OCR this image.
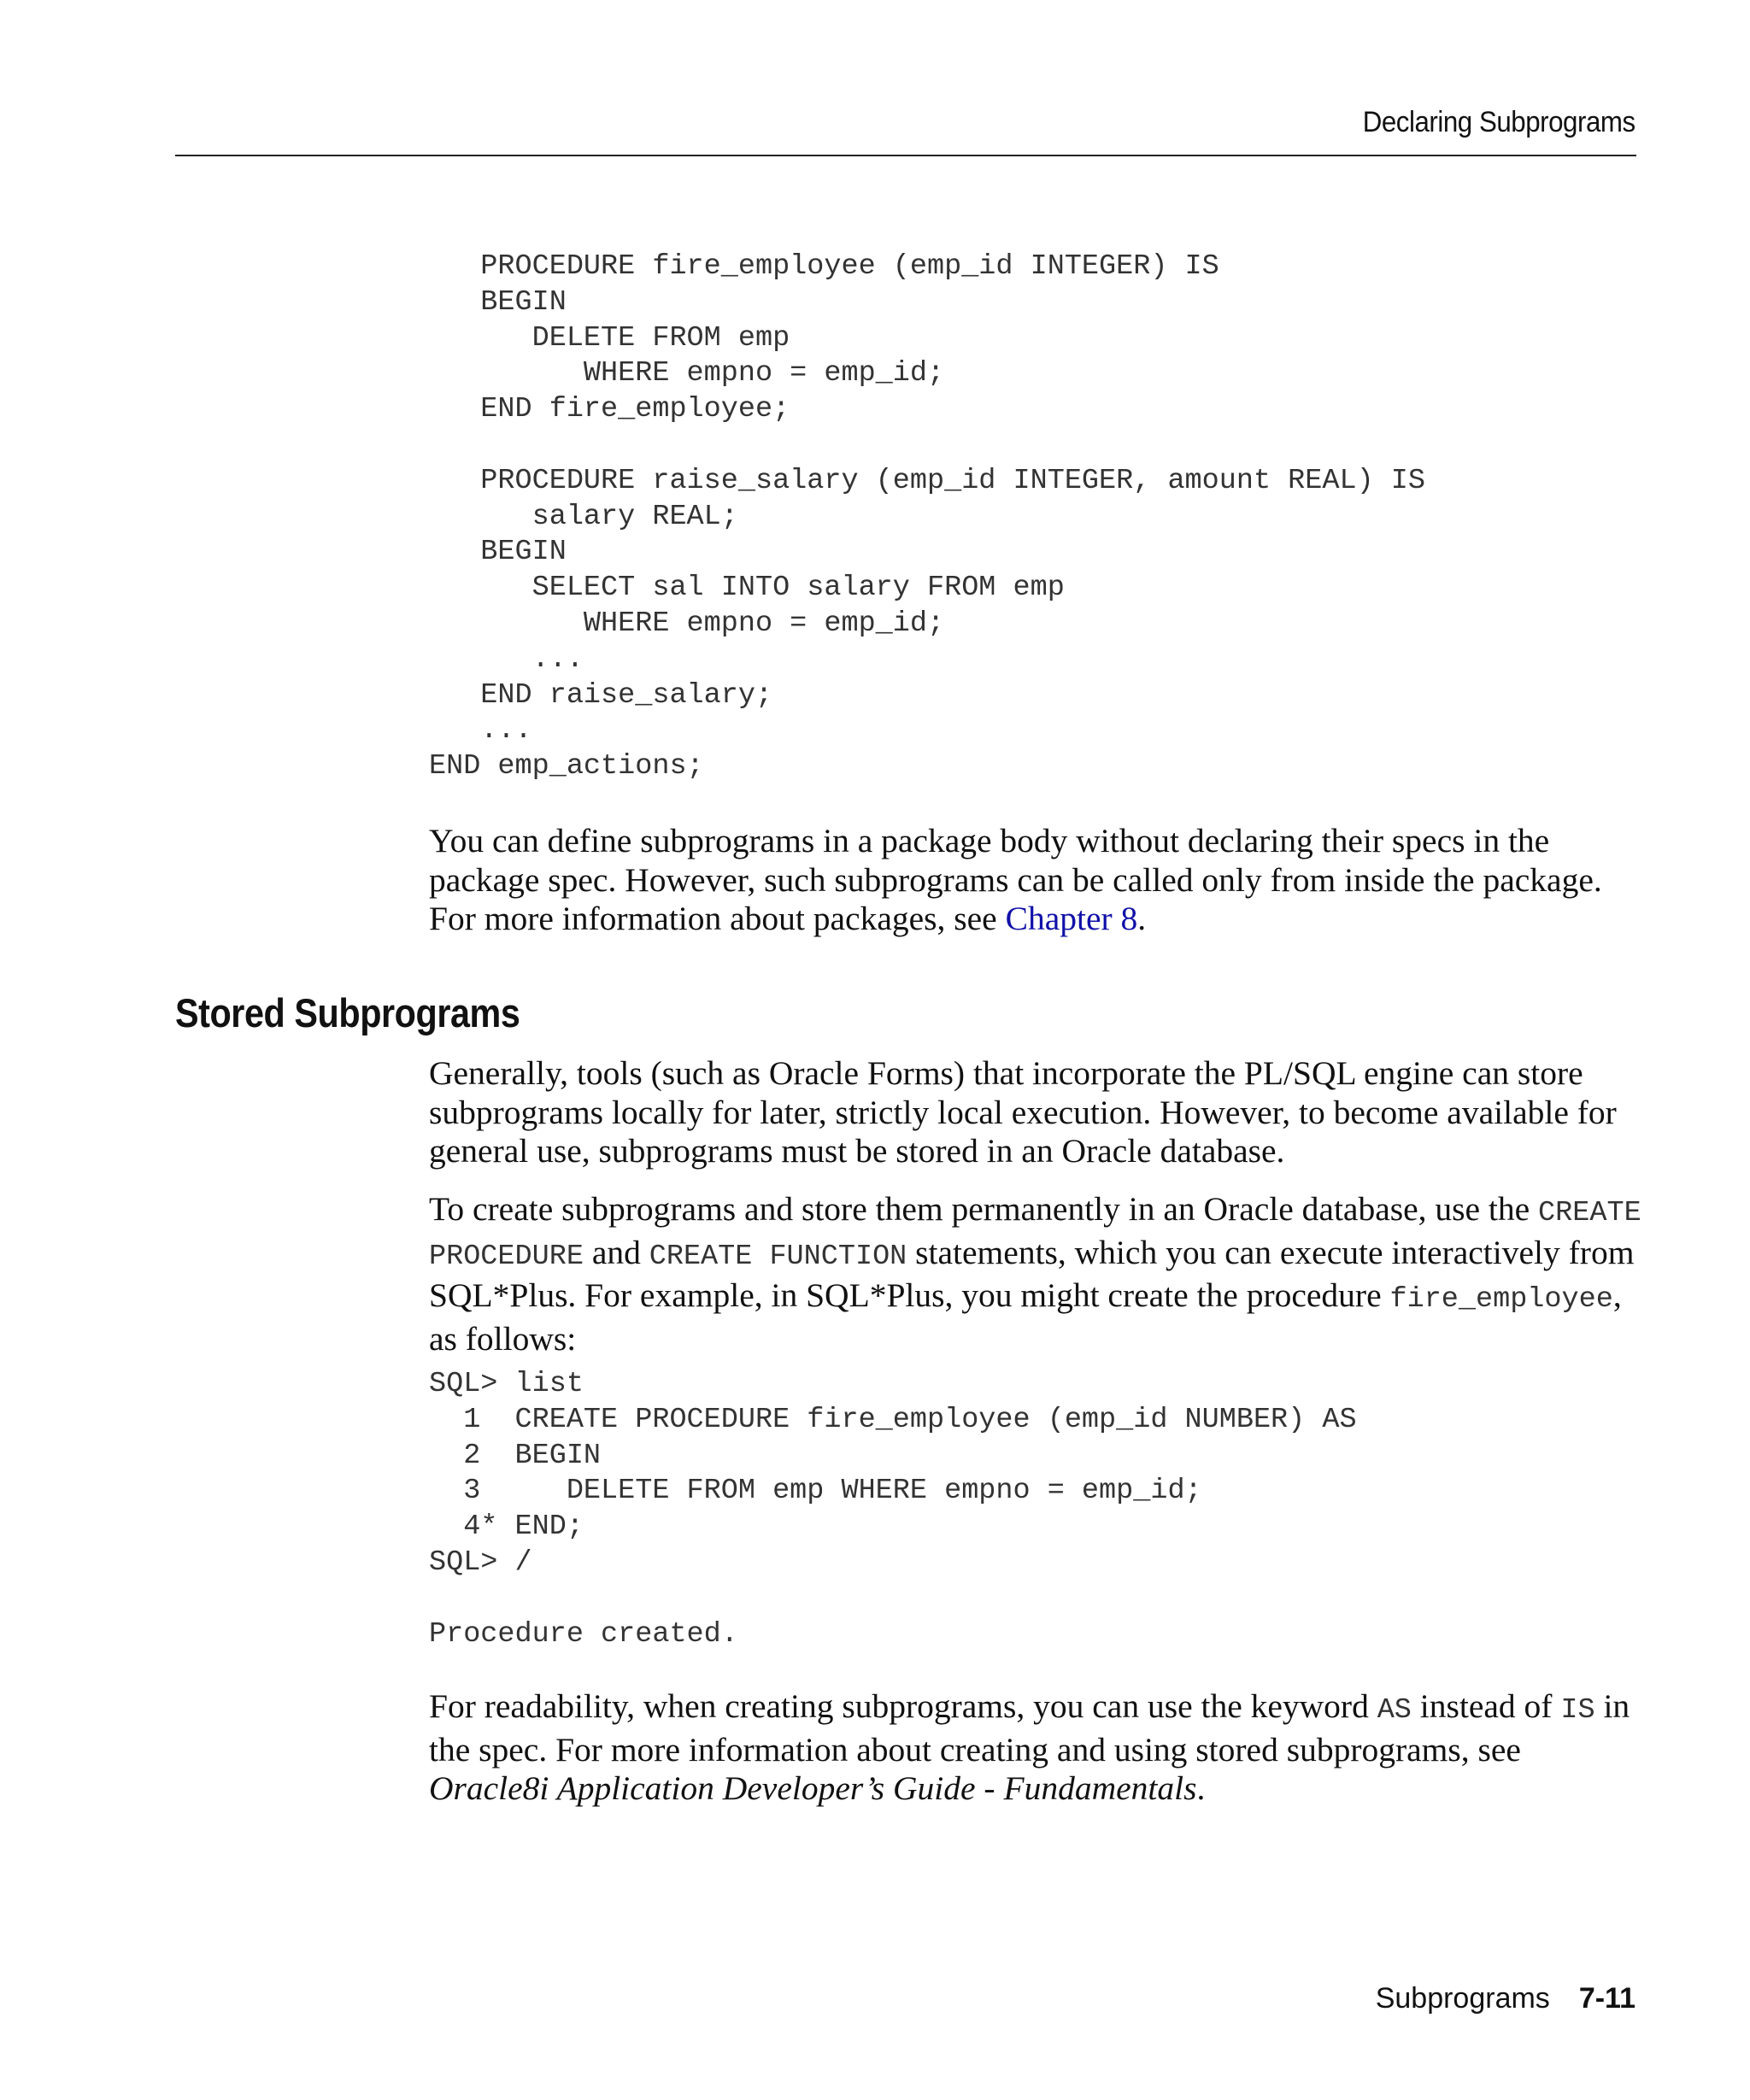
Declaring Subprograms
PROCEDURE fire_employee (emp_id INTEGER) IS
BEGIN
DELETE FROM emp
WHERE empno = emp_id;
END fire_employee;
PROCEDURE raise_salary (emp_id INTEGER, amount REAL) IS
salary REAL;
BEGIN
SELECT sal INTO salary FROM emp
WHERE empno = emp_id;
...
END raise_salary;
...
END emp_actions;

You can define subprograms in a package body without declaring their specs in the package spec. However, such subprograms can be called only from inside the package. For more information about packages, see Chapter 8.

Stored Subprograms

Generally, tools (such as Oracle Forms) that incorporate the PL/SQL engine can store subprograms locally for later, strictly local execution. However, to become available for general use, subprograms must be stored in an Oracle database.

To create subprograms and store them permanently in an Oracle database, use the CREATE PROCEDURE and CREATE FUNCTION statements, which you can execute interactively from SQL*Plus. For example, in SQL*Plus, you might create the procedure fire_employee, as follows:

SQL> list
1  CREATE PROCEDURE fire_employee (emp_id NUMBER) AS
2  BEGIN
3     DELETE FROM emp WHERE empno = emp_id;
4* END;
SQL> /
Procedure created.

For readability, when creating subprograms, you can use the keyword AS instead of IS in the spec. For more information about creating and using stored subprograms, see Oracle8i Application Developer’s Guide - Fundamentals.

Subprograms 7-11
